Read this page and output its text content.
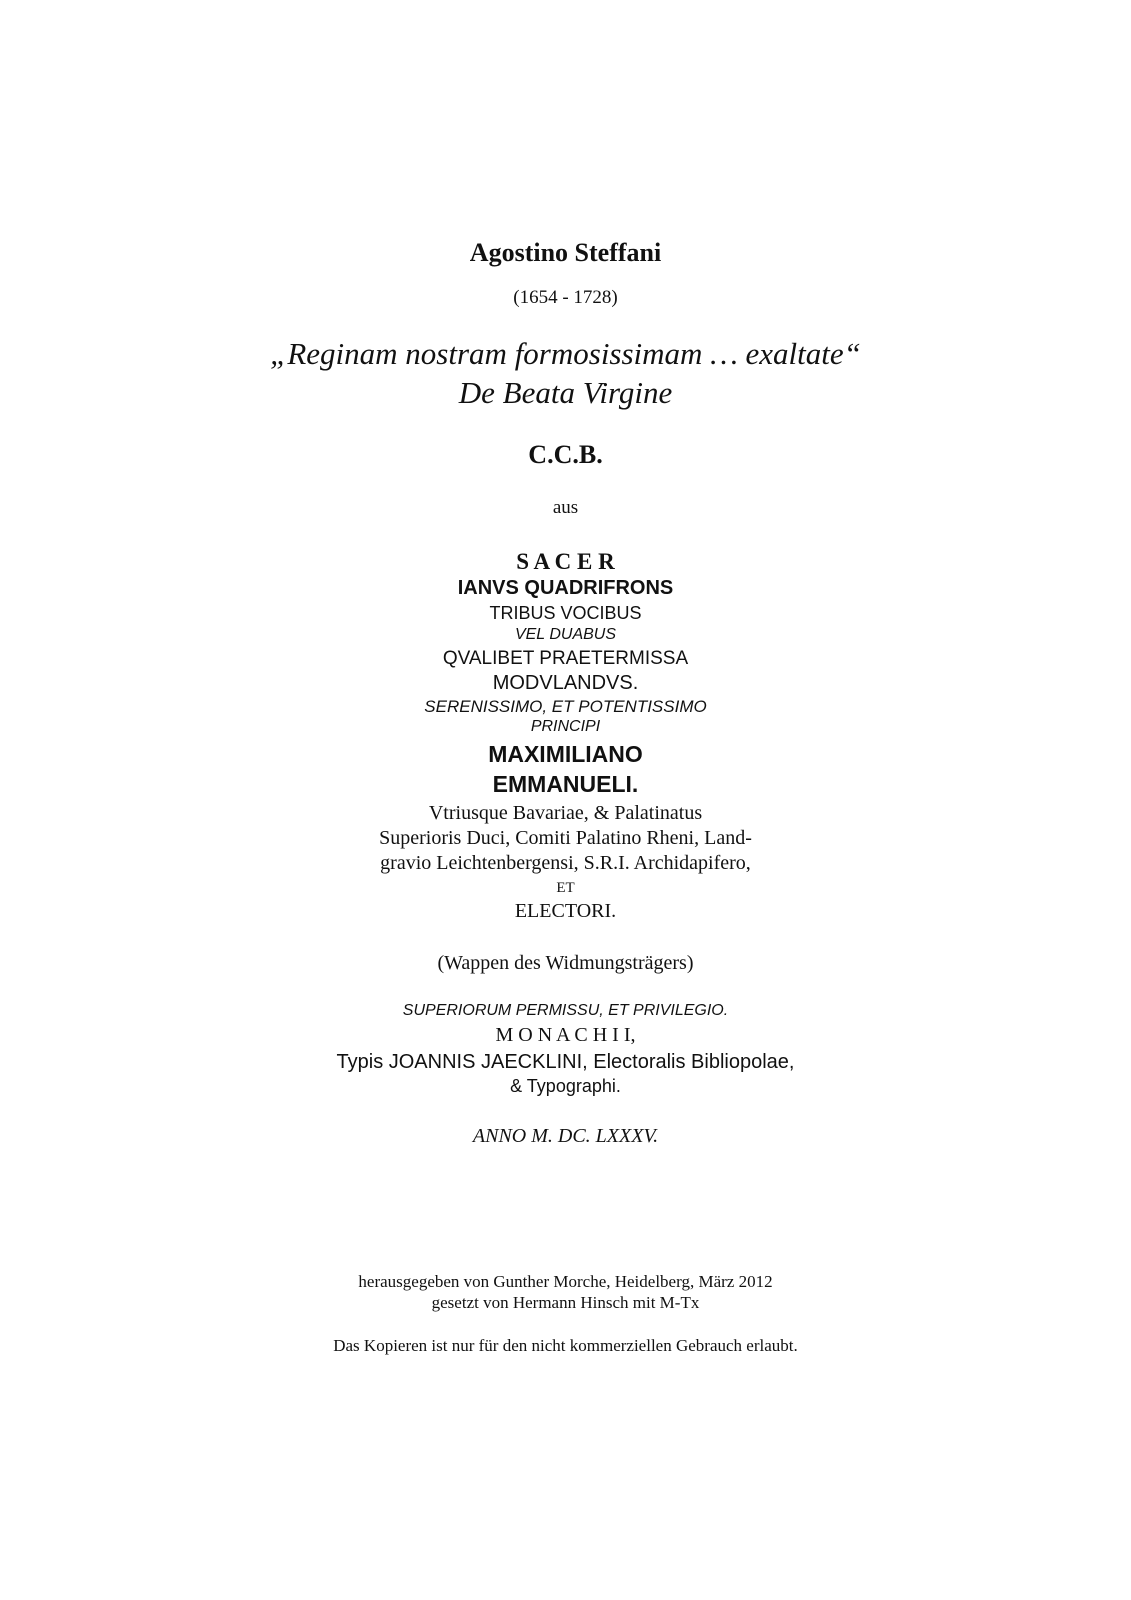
Agostino Steffani
(1654 - 1728)
„Reginam nostram formosissimam … exaltate“
De Beata Virgine
C.C.B.
aus
S A C E R
IANVS QUADRIFRONS
TRIBUS VOCIBUS
VEL DUABUS
QVALIBET PRAETERMISSA
MODVLANDVS.
SERENISSIMO, ET POTENTISSIMO
PRINCIPI
MAXIMILIANO
EMMANUELI.
Vtriusque Bavariae, & Palatinatus
Superioris Duci, Comiti Palatino Rheni, Land-
gravio Leichtenbergensi, S.R.I. Archidapifero,
ET
ELECTORI.
(Wappen des Widmungsträgers)
SUPERIORUM PERMISSU, ET PRIVILEGIO.
M O N A C H I I,
Typis JOANNIS JAECKLINI, Electoralis Bibliopolae,
& Typographi.
ANNO M. DC. LXXXV.
herausgegeben von Gunther Morche, Heidelberg, März 2012
gesetzt von Hermann Hinsch mit M-Tx
Das Kopieren ist nur für den nicht kommerziellen Gebrauch erlaubt.
